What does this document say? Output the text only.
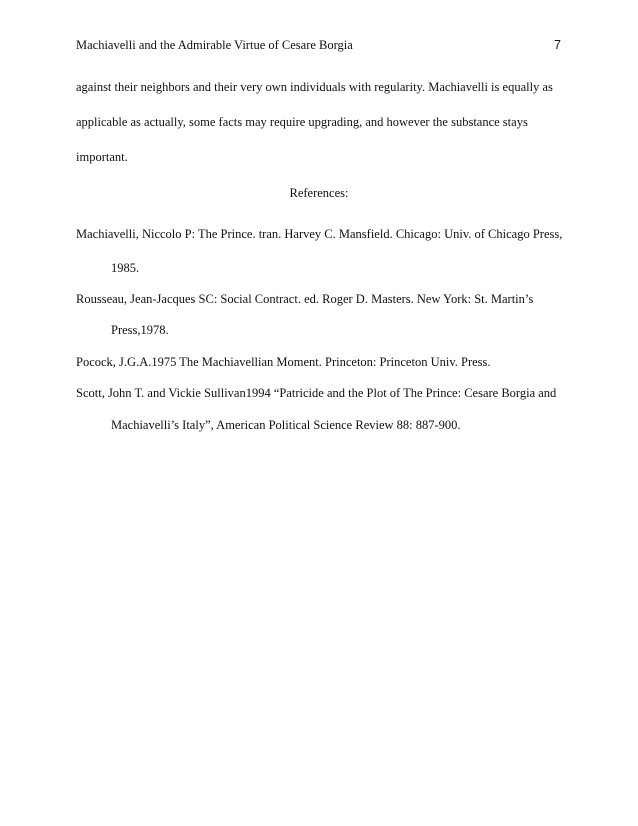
Machiavelli and the Admirable Virtue of Cesare Borgia	7
against their neighbors and their very own individuals with regularity. Machiavelli is equally as
applicable as actually, some facts may require upgrading, and however the substance stays
important.
References:
Machiavelli, Niccolo P: The Prince. tran. Harvey C. Mansfield. Chicago: Univ. of Chicago Press,
1985.
Rousseau, Jean-Jacques SC: Social Contract. ed. Roger D. Masters. New York: St. Martin’s
Press,1978.
Pocock, J.G.A.1975 The Machiavellian Moment. Princeton: Princeton Univ. Press.
Scott, John T. and Vickie Sullivan1994 “Patricide and the Plot of The Prince: Cesare Borgia and
Machiavelli’s Italy”, American Political Science Review 88: 887-900.
